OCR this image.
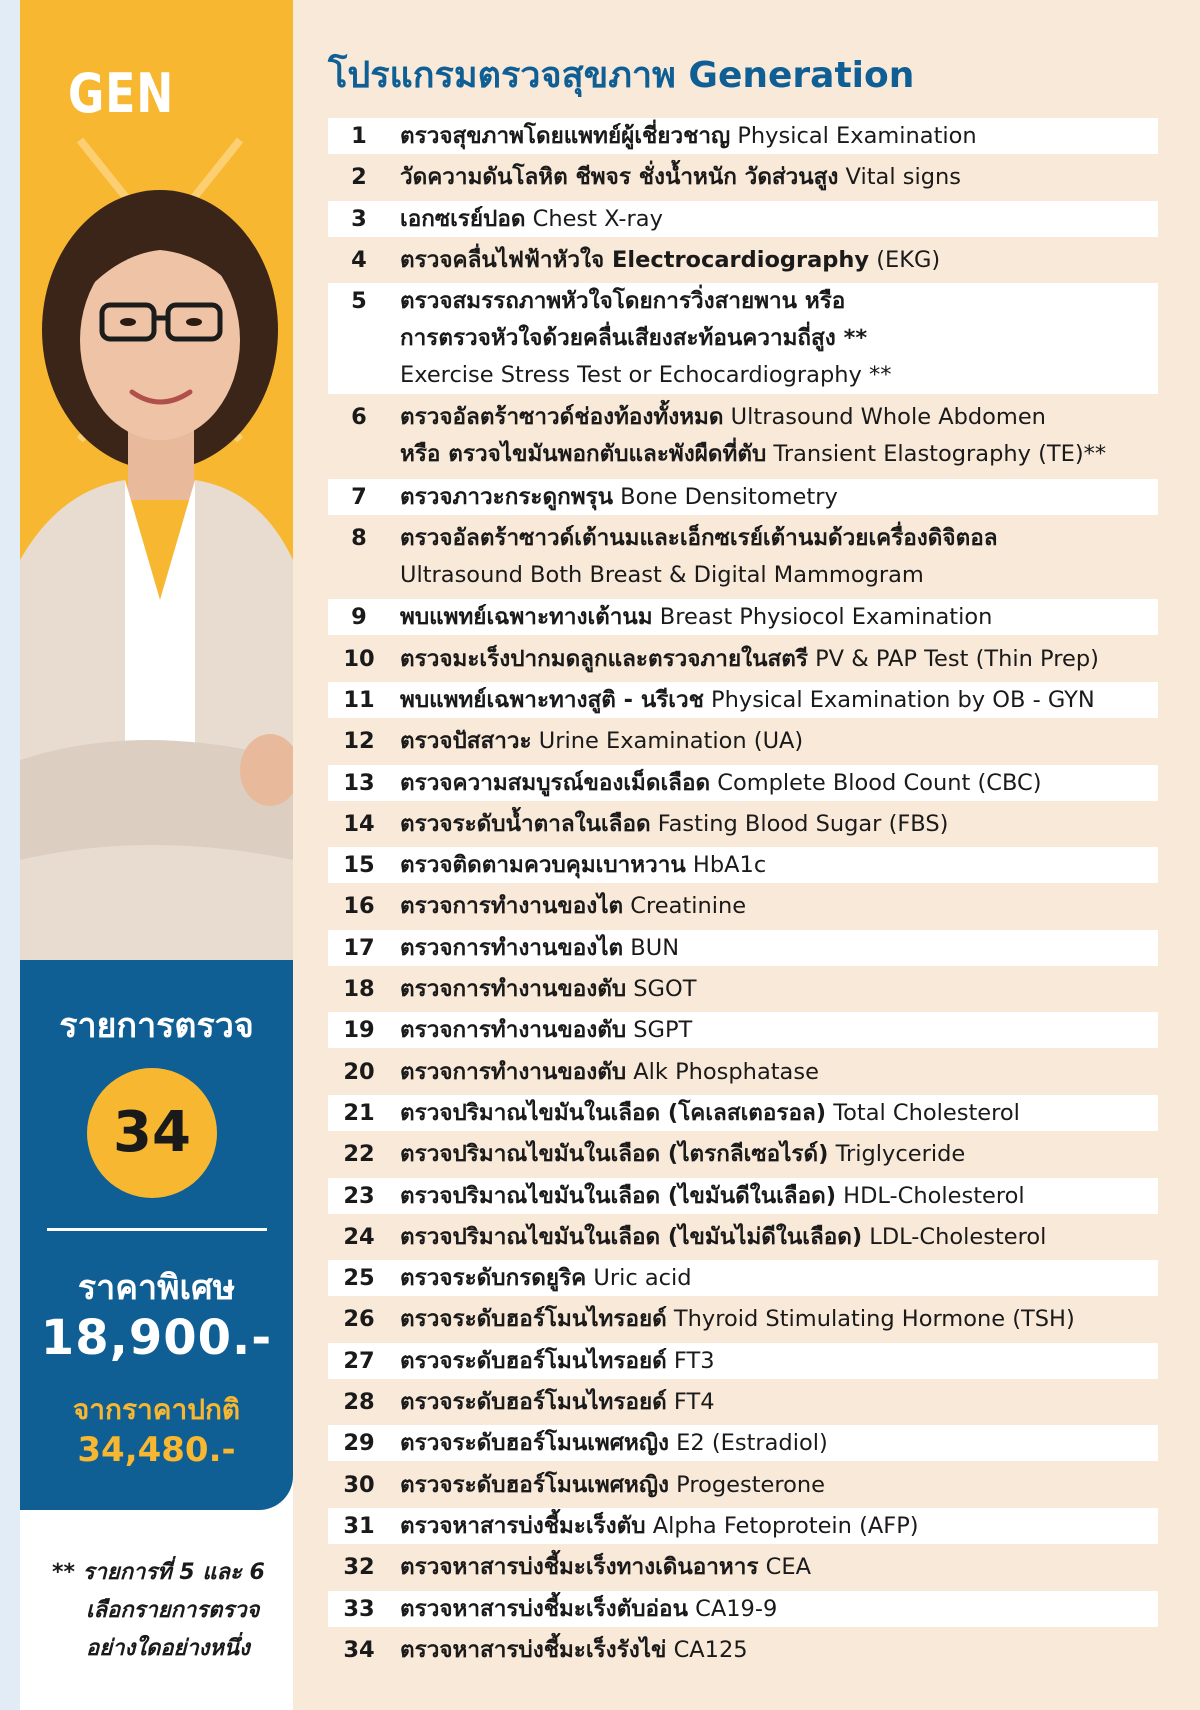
GEN
รายการตรวจ
34
ราคาพิเศษ
18,900.-
จากราคาปกติ
34,480.-
** รายการที่ 5 และ 6
เลือกรายการตรวจ
อย่างใดอย่างหนึ่ง
โปรแกรมตรวจสุขภาพ Generation
1	ตรวจสุขภาพโดยแพทย์ผู้เชี่ยวชาญ Physical Examination
2	วัดความดันโลหิต ชีพจร ชั่งน้ำหนัก วัดส่วนสูง Vital signs
3	เอกซเรย์ปอด Chest X-ray
4	ตรวจคลื่นไฟฟ้าหัวใจ Electrocardiography (EKG)
5	ตรวจสมรรถภาพหัวใจโดยการวิ่งสายพาน หรือ
การตรวจหัวใจด้วยคลื่นเสียงสะท้อนความถี่สูง **
Exercise Stress Test or Echocardiography **
6	ตรวจอัลตร้าซาวด์ช่องท้องทั้งหมด Ultrasound Whole Abdomen
หรือ ตรวจไขมันพอกตับและพังผืดที่ตับ Transient Elastography (TE)**
7	ตรวจภาวะกระดูกพรุน Bone Densitometry
8	ตรวจอัลตร้าซาวด์เต้านมและเอ็กซเรย์เต้านมด้วยเครื่องดิจิตอล
Ultrasound Both Breast & Digital Mammogram
9	พบแพทย์เฉพาะทางเต้านม Breast Physiocol Examination
10	ตรวจมะเร็งปากมดลูกและตรวจภายในสตรี PV & PAP Test (Thin Prep)
11	พบแพทย์เฉพาะทางสูติ - นรีเวช Physical Examination by OB - GYN
12	ตรวจปัสสาวะ Urine Examination (UA)
13	ตรวจความสมบูรณ์ของเม็ดเลือด Complete Blood Count (CBC)
14	ตรวจระดับน้ำตาลในเลือด Fasting Blood Sugar (FBS)
15	ตรวจติดตามควบคุมเบาหวาน HbA1c
16	ตรวจการทำงานของไต Creatinine
17	ตรวจการทำงานของไต BUN
18	ตรวจการทำงานของตับ SGOT
19	ตรวจการทำงานของตับ SGPT
20	ตรวจการทำงานของตับ Alk Phosphatase
21	ตรวจปริมาณไขมันในเลือด (โคเลสเตอรอล) Total Cholesterol
22	ตรวจปริมาณไขมันในเลือด (ไตรกลีเซอไรด์) Triglyceride
23	ตรวจปริมาณไขมันในเลือด (ไขมันดีในเลือด) HDL-Cholesterol
24	ตรวจปริมาณไขมันในเลือด (ไขมันไม่ดีในเลือด) LDL-Cholesterol
25	ตรวจระดับกรดยูริค Uric acid
26	ตรวจระดับฮอร์โมนไทรอยด์ Thyroid Stimulating Hormone (TSH)
27	ตรวจระดับฮอร์โมนไทรอยด์ FT3
28	ตรวจระดับฮอร์โมนไทรอยด์ FT4
29	ตรวจระดับฮอร์โมนเพศหญิง E2 (Estradiol)
30	ตรวจระดับฮอร์โมนเพศหญิง Progesterone
31	ตรวจหาสารบ่งชี้มะเร็งตับ Alpha Fetoprotein (AFP)
32	ตรวจหาสารบ่งชี้มะเร็งทางเดินอาหาร CEA
33	ตรวจหาสารบ่งชี้มะเร็งตับอ่อน CA19-9
34	ตรวจหาสารบ่งชี้มะเร็งรังไข่ CA125
